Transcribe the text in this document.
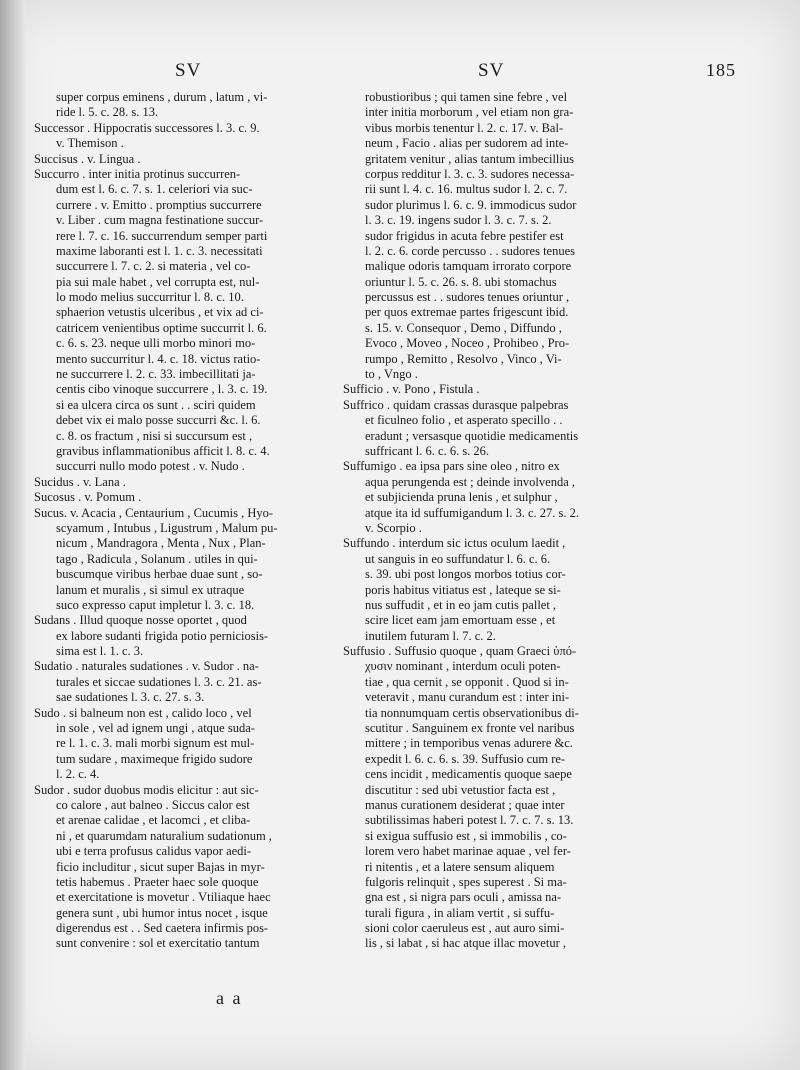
SV	SV	185
super corpus eminens , durum , latum , vi-
ride l. 5. c. 28. s. 13.
Successor . Hippocratis successores l. 3. c. 9.
v. Themison .
Succisus . v. Lingua .
Succurro . inter initia protinus succurren-
dum est l. 6. c. 7. s. 1. celeriori via suc-
currere . v. Emitto . promptius succurrere
v. Liber . cum magna festinatione succur-
rere l. 7. c. 16. succurrendum semper parti
maxime laboranti est l. 1. c. 3. necessitati
succurrere l. 7. c. 2. si materia , vel co-
pia sui male habet , vel corrupta est, nul-
lo modo melius succurritur l. 8. c. 10.
sphaerion vetustis ulceribus , et vix ad ci-
catricem venientibus optime succurrit l. 6.
c. 6. s. 23. neque ulli morbo minori mo-
mento succurritur l. 4. c. 18. victus ratio-
ne succurrere l. 2. c. 33. imbecillitati ja-
centis cibo vinoque succurrere , l. 3. c. 19.
si ea ulcera circa os sunt . . sciri quidem
debet vix ei malo posse succurri &c. l. 6.
c. 8. os fractum , nisi si succursum est ,
gravibus inflammationibus afficit l. 8. c. 4.
succurri nullo modo potest . v. Nudo .
Sucidus . v. Lana .
Sucosus . v. Pomum .
Sucus. v. Acacia , Centaurium , Cucumis , Hyo-
scyamum , Intubus , Ligustrum , Malum pu-
nicum , Mandragora , Menta , Nux , Plan-
tago , Radicula , Solanum . utiles in qui-
buscumque viribus herbae duae sunt , so-
lanum et muralis , si simul ex utraque
suco expresso caput impletur l. 3. c. 18.
Sudans . Illud quoque nosse oportet , quod
ex labore sudanti frigida potio perniciosis-
sima est l. 1. c. 3.
Sudatio . naturales sudationes . v. Sudor . na-
turales et siccae sudationes l. 3. c. 21. as-
sae sudationes l. 3. c. 27. s. 3.
Sudo . si balneum non est , calido loco , vel
in sole , vel ad ignem ungi , atque suda-
re l. 1. c. 3. mali morbi signum est mul-
tum sudare , maximeque frigido sudore
l. 2. c. 4.
Sudor . sudor duobus modis elicitur : aut sic-
co calore , aut balneo . Siccus calor est
et arenae calidae , et lacomci , et cliba-
ni , et quarumdam naturalium sudationum ,
ubi e terra profusus calidus vapor aedi-
ficio includitur , sicut super Bajas in myr-
tetis habemus . Praeter haec sole quoque
et exercitatione is movetur . Vtiliaque haec
genera sunt , ubi humor intus nocet , isque
digerendus est . . Sed caetera infirmis pos-
sunt convenire : sol et exercitatio tantum
robustioribus ; qui tamen sine febre , vel
inter initia morborum , vel etiam non gra-
vibus morbis tenentur l. 2. c. 17. v. Bal-
neum , Facio . alias per sudorem ad inte-
gritatem venitur , alias tantum imbecillius
corpus redditur l. 3. c. 3. sudores necessa-
rii sunt l. 4. c. 16. multus sudor l. 2. c. 7.
sudor plurimus l. 6. c. 9. immodicus sudor
l. 3. c. 19. ingens sudor l. 3. c. 7. s. 2.
sudor frigidus in acuta febre pestifer est
l. 2. c. 6. corde percusso . . sudores tenues
malique odoris tamquam irrorato corpore
oriuntur l. 5. c. 26. s. 8. ubi stomachus
percussus est . . sudores tenues oriuntur ,
per quos extremae partes frigescunt ibid.
s. 15. v. Consequor , Demo , Diffundo ,
Evoco , Moveo , Noceo , Prohibeo , Pro-
rumpo , Remitto , Resolvo , Vinco , Vi-
to , Vngo .
Sufficio . v. Pono , Fistula .
Suffrico . quidam crassas durasque palpebras
et ficulneo folio , et asperato specillo . .
eradunt ; versasque quotidie medicamentis
suffricant l. 6. c. 6. s. 26.
Suffumigo . ea ipsa pars sine oleo , nitro ex
aqua perungenda est ; deinde involvenda ,
et subjicienda pruna lenis , et sulphur ,
atque ita id suffumigandum l. 3. c. 27. s. 2.
v. Scorpio .
Suffundo . interdum sic ictus oculum laedit ,
ut sanguis in eo suffundatur l. 6. c. 6.
s. 39. ubi post longos morbos totius cor-
poris habitus vitiatus est , lateque se si-
nus suffudit , et in eo jam cutis pallet ,
scire licet eam jam emortuam esse , et
inutilem futuram l. 7. c. 2.
Suffusio . Suffusio quoque , quam Graeci ὑπό-
χυσιν nominant , interdum oculi poten-
tiae , qua cernit , se opponit . Quod si in-
veteravit , manu curandum est : inter ini-
tia nonnumquam certis observationibus di-
scutitur . Sanguinem ex fronte vel naribus
mittere ; in temporibus venas adurere &c.
expedit l. 6. c. 6. s. 39. Suffusio cum re-
cens incidit , medicamentis quoque saepe
discutitur : sed ubi vetustior facta est ,
manus curationem desiderat ; quae inter
subtilissimas haberi potest l. 7. c. 7. s. 13.
si exigua suffusio est , si immobilis , co-
lorem vero habet marinae aquae , vel fer-
ri nitentis , et a latere sensum aliquem
fulgoris relinquit , spes superest . Si ma-
gna est , si nigra pars oculi , amissa na-
turali figura , in aliam vertit , si suffu-
sioni color caeruleus est , aut auro simi-
lis , si labat , si hac atque illac movetur ,
a a
